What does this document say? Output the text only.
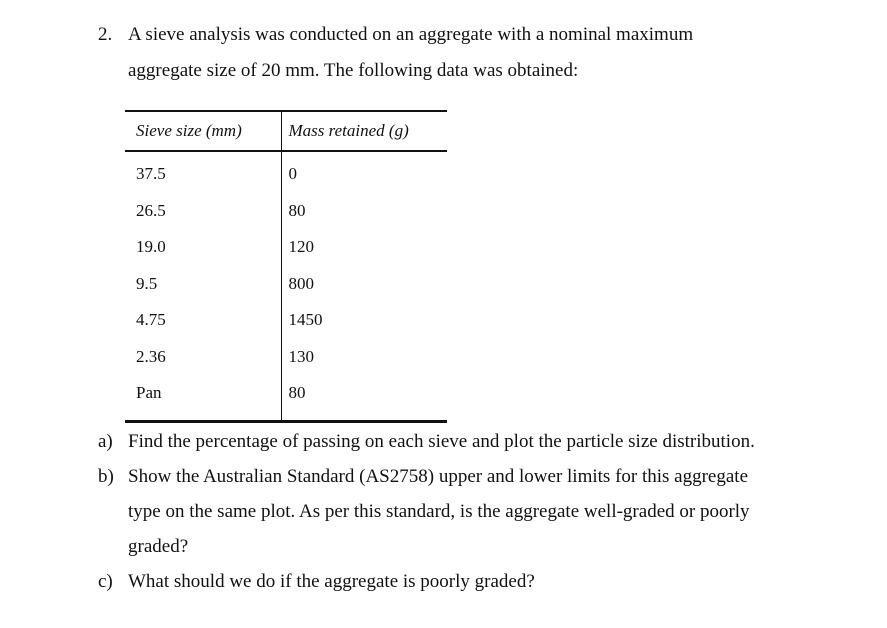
2. A sieve analysis was conducted on an aggregate with a nominal maximum
aggregate size of 20 mm. The following data was obtained:
Sieve size (mm)	Mass retained (g)
37.5	0
26.5	80
19.0	120
9.5	800
4.75	1450
2.36	130
Pan	80
a) Find the percentage of passing on each sieve and plot the particle size distribution.
b) Show the Australian Standard (AS2758) upper and lower limits for this aggregate
type on the same plot. As per this standard, is the aggregate well-graded or poorly
graded?
c) What should we do if the aggregate is poorly graded?
